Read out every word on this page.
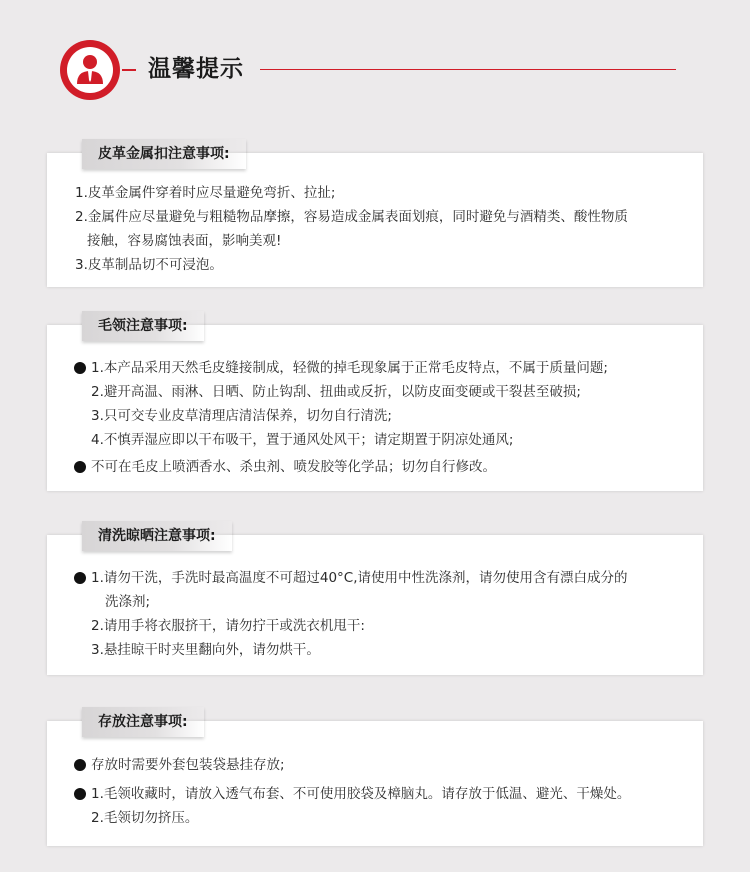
温馨提示
皮革金属扣注意事项:
1.皮革金属件穿着时应尽量避免弯折、拉扯;
2.金属件应尽量避免与粗糙物品摩擦，容易造成金属表面划痕，同时避免与酒精类、酸性物质
接触，容易腐蚀表面，影响美观!
3.皮革制品切不可浸泡。
毛领注意事项:
1.本产品采用天然毛皮缝接制成，轻微的掉毛现象属于正常毛皮特点，不属于质量问题;
2.避开高温、雨淋、日晒、防止钩刮、扭曲或反折，以防皮面变硬或干裂甚至破损;
3.只可交专业皮草清理店清洁保养，切勿自行清洗;
4.不慎弄湿应即以干布吸干，置于通风处风干；请定期置于阴凉处通风;
不可在毛皮上喷洒香水、杀虫剂、喷发胶等化学品；切勿自行修改。
清洗晾晒注意事项:
1.请勿干洗，手洗时最高温度不可超过40°C,请使用中性洗涤剂，请勿使用含有漂白成分的
洗涤剂;
2.请用手将衣服挤干，请勿拧干或洗衣机甩干:
3.悬挂晾干时夹里翻向外，请勿烘干。
存放注意事项:
存放时需要外套包装袋悬挂存放;
1.毛领收藏时，请放入透气布套、不可使用胶袋及樟脑丸。请存放于低温、避光、干燥处。
2.毛领切勿挤压。
